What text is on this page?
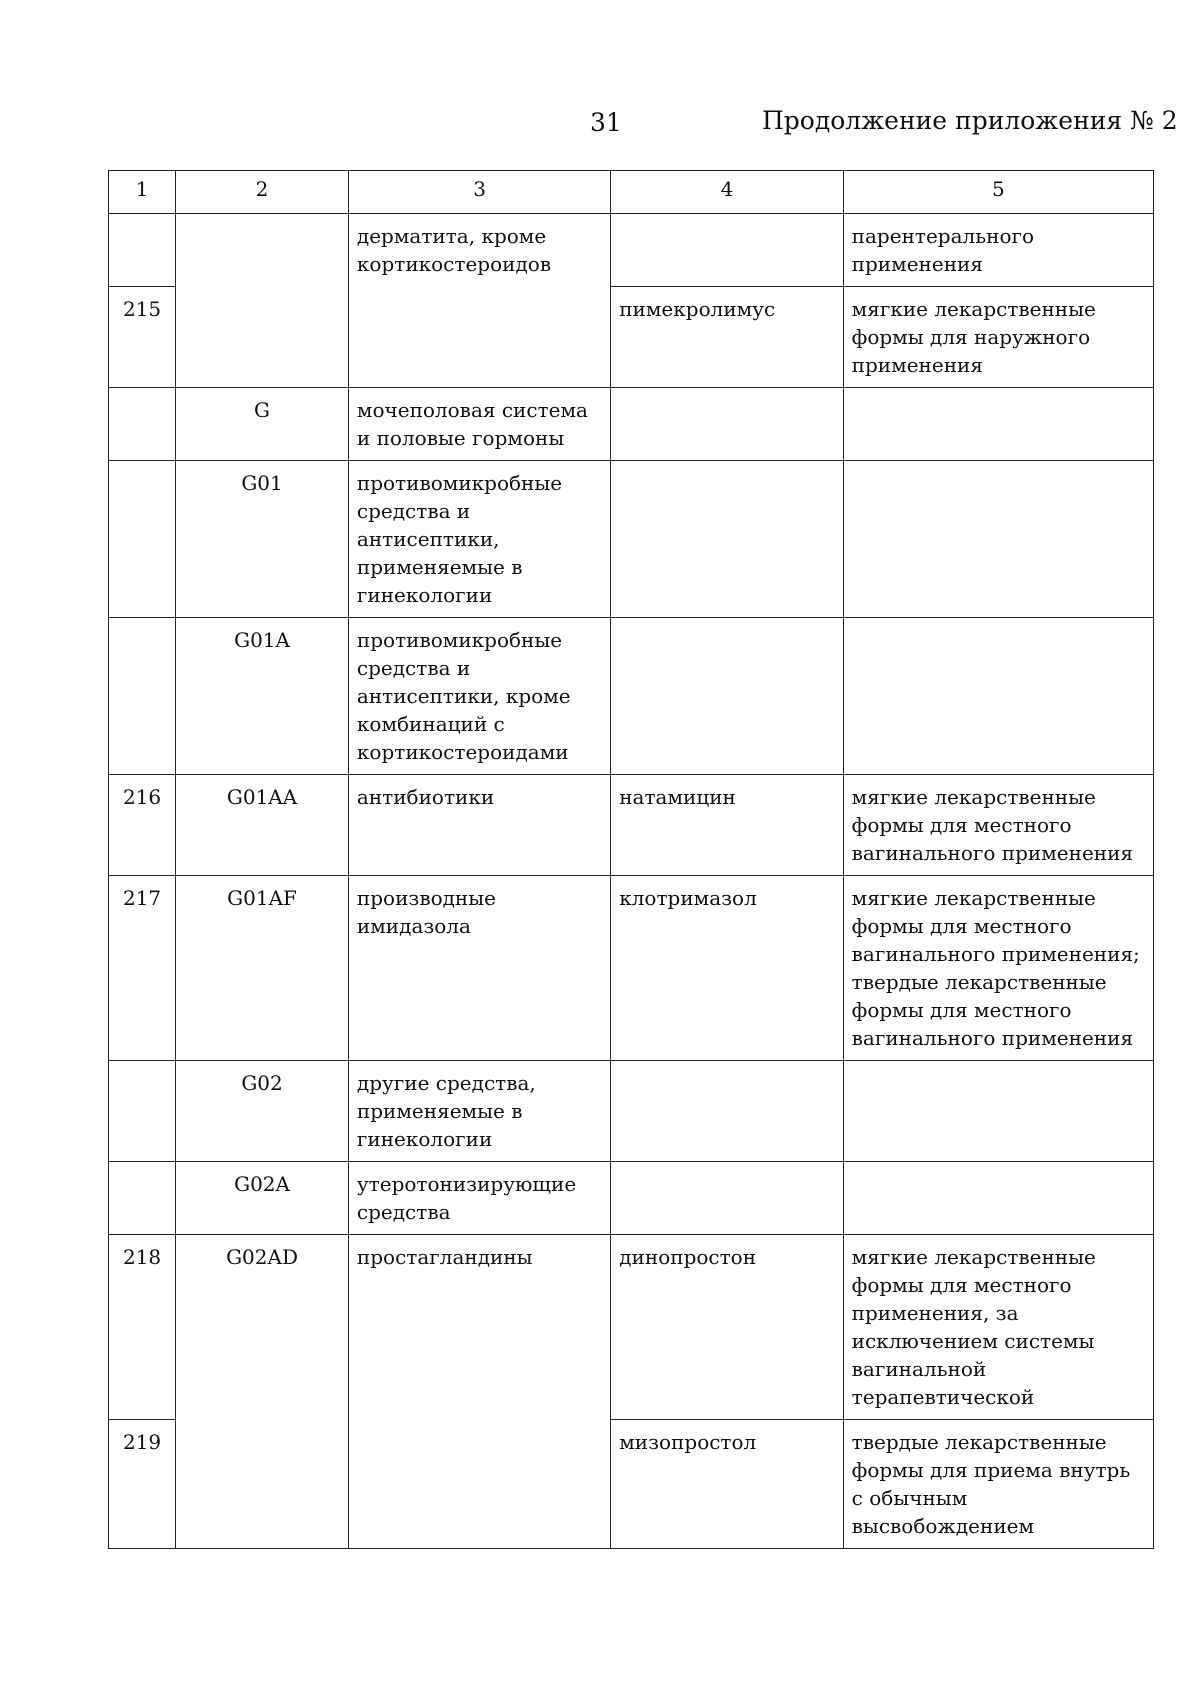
31	Продолжение приложения № 2
1	2	3	4	5
		дерматита, кроме кортикостероидов		парентерального применения
215			пимекролимус	мягкие лекарственные формы для наружного применения
	G	мочеполовая система и половые гормоны		
	G01	противомикробные средства и антисептики, применяемые в гинекологии		
	G01A	противомикробные средства и антисептики, кроме комбинаций с кортикостероидами		
216	G01AA	антибиотики	натамицин	мягкие лекарственные формы для местного вагинального применения
217	G01AF	производные имидазола	клотримазол	мягкие лекарственные формы для местного вагинального применения; твердые лекарственные формы для местного вагинального применения
	G02	другие средства, применяемые в гинекологии		
	G02A	утеротонизирующие средства		
218	G02AD	простагландины	динопростон	мягкие лекарственные формы для местного применения, за исключением системы вагинальной терапевтической
219			мизопростол	твердые лекарственные формы для приема внутрь с обычным высвобождением
